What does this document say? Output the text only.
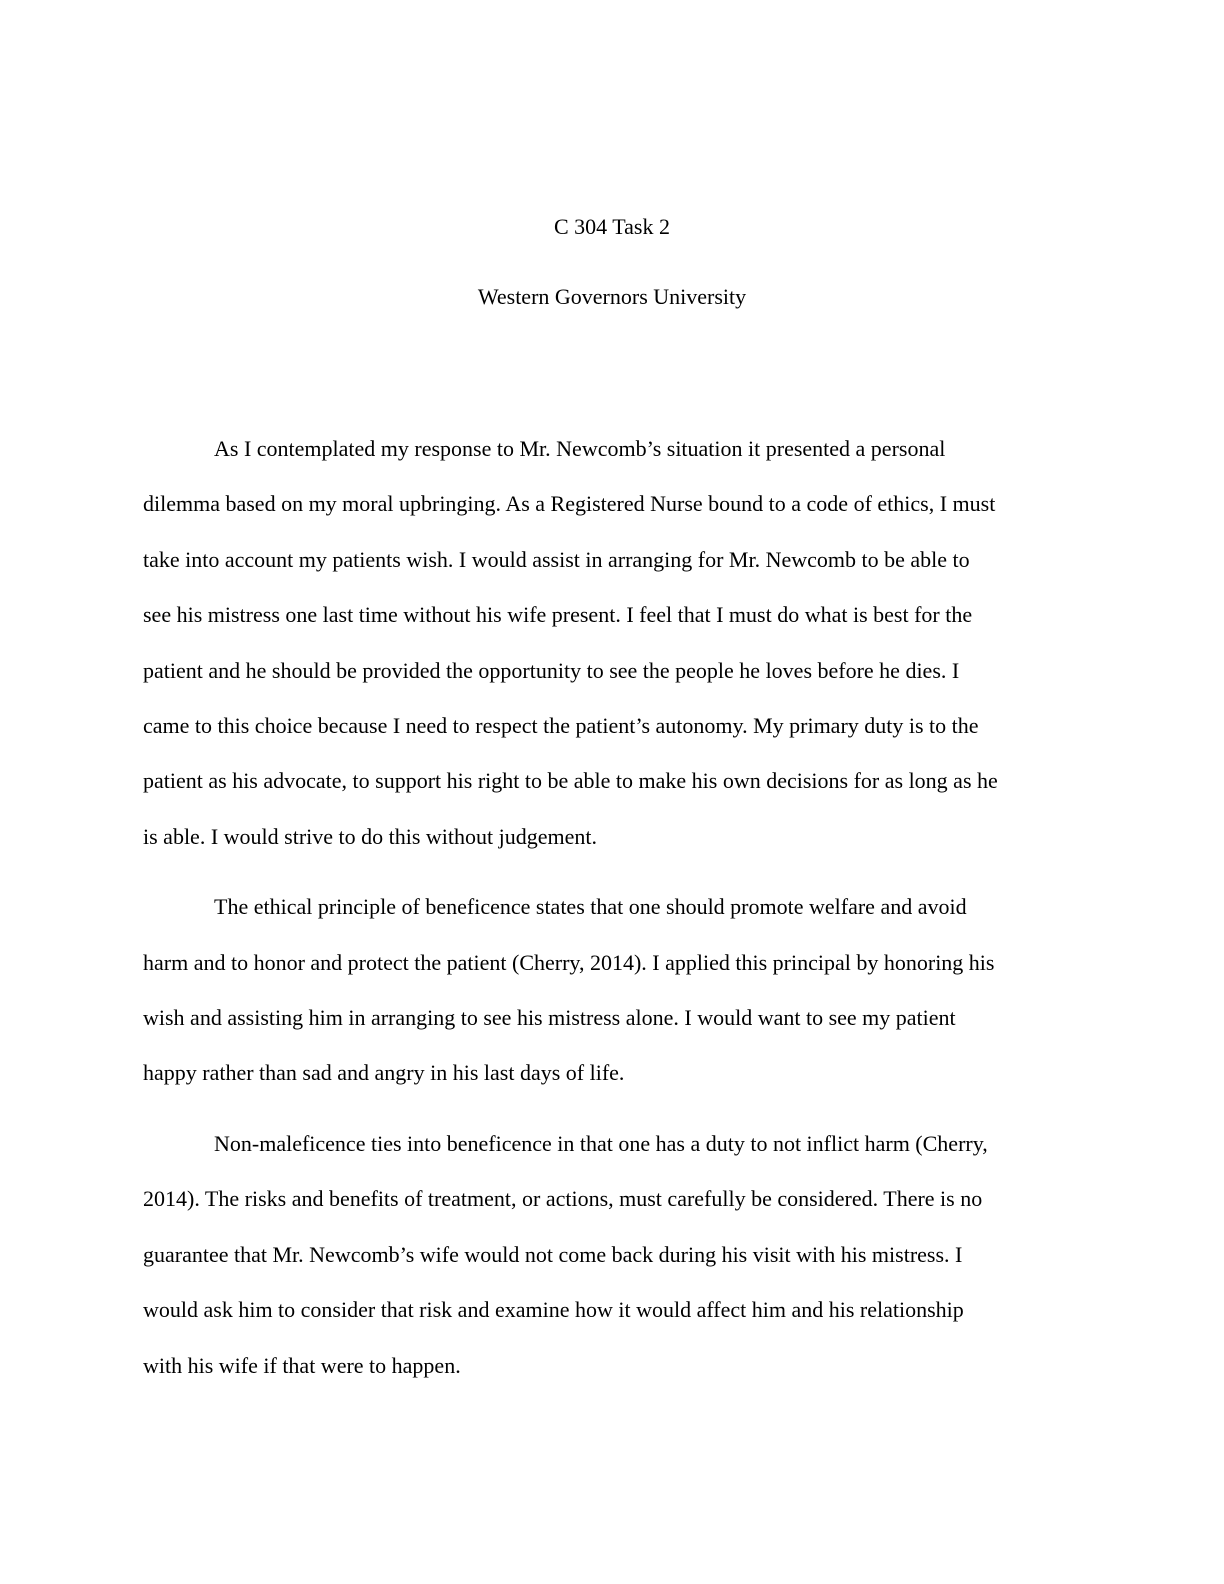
C 304 Task 2
Western Governors University
As I contemplated my response to Mr. Newcomb’s situation it presented a personal
dilemma based on my moral upbringing. As a Registered Nurse bound to a code of ethics, I must
take into account my patients wish. I would assist in arranging for Mr. Newcomb to be able to
see his mistress one last time without his wife present. I feel that I must do what is best for the
patient and he should be provided the opportunity to see the people he loves before he dies. I
came to this choice because I need to respect the patient’s autonomy. My primary duty is to the
patient as his advocate, to support his right to be able to make his own decisions for as long as he
is able. I would strive to do this without judgement.
The ethical principle of beneficence states that one should promote welfare and avoid
harm and to honor and protect the patient (Cherry, 2014). I applied this principal by honoring his
wish and assisting him in arranging to see his mistress alone. I would want to see my patient
happy rather than sad and angry in his last days of life.
Non-maleficence ties into beneficence in that one has a duty to not inflict harm (Cherry,
2014). The risks and benefits of treatment, or actions, must carefully be considered. There is no
guarantee that Mr. Newcomb’s wife would not come back during his visit with his mistress. I
would ask him to consider that risk and examine how it would affect him and his relationship
with his wife if that were to happen.
